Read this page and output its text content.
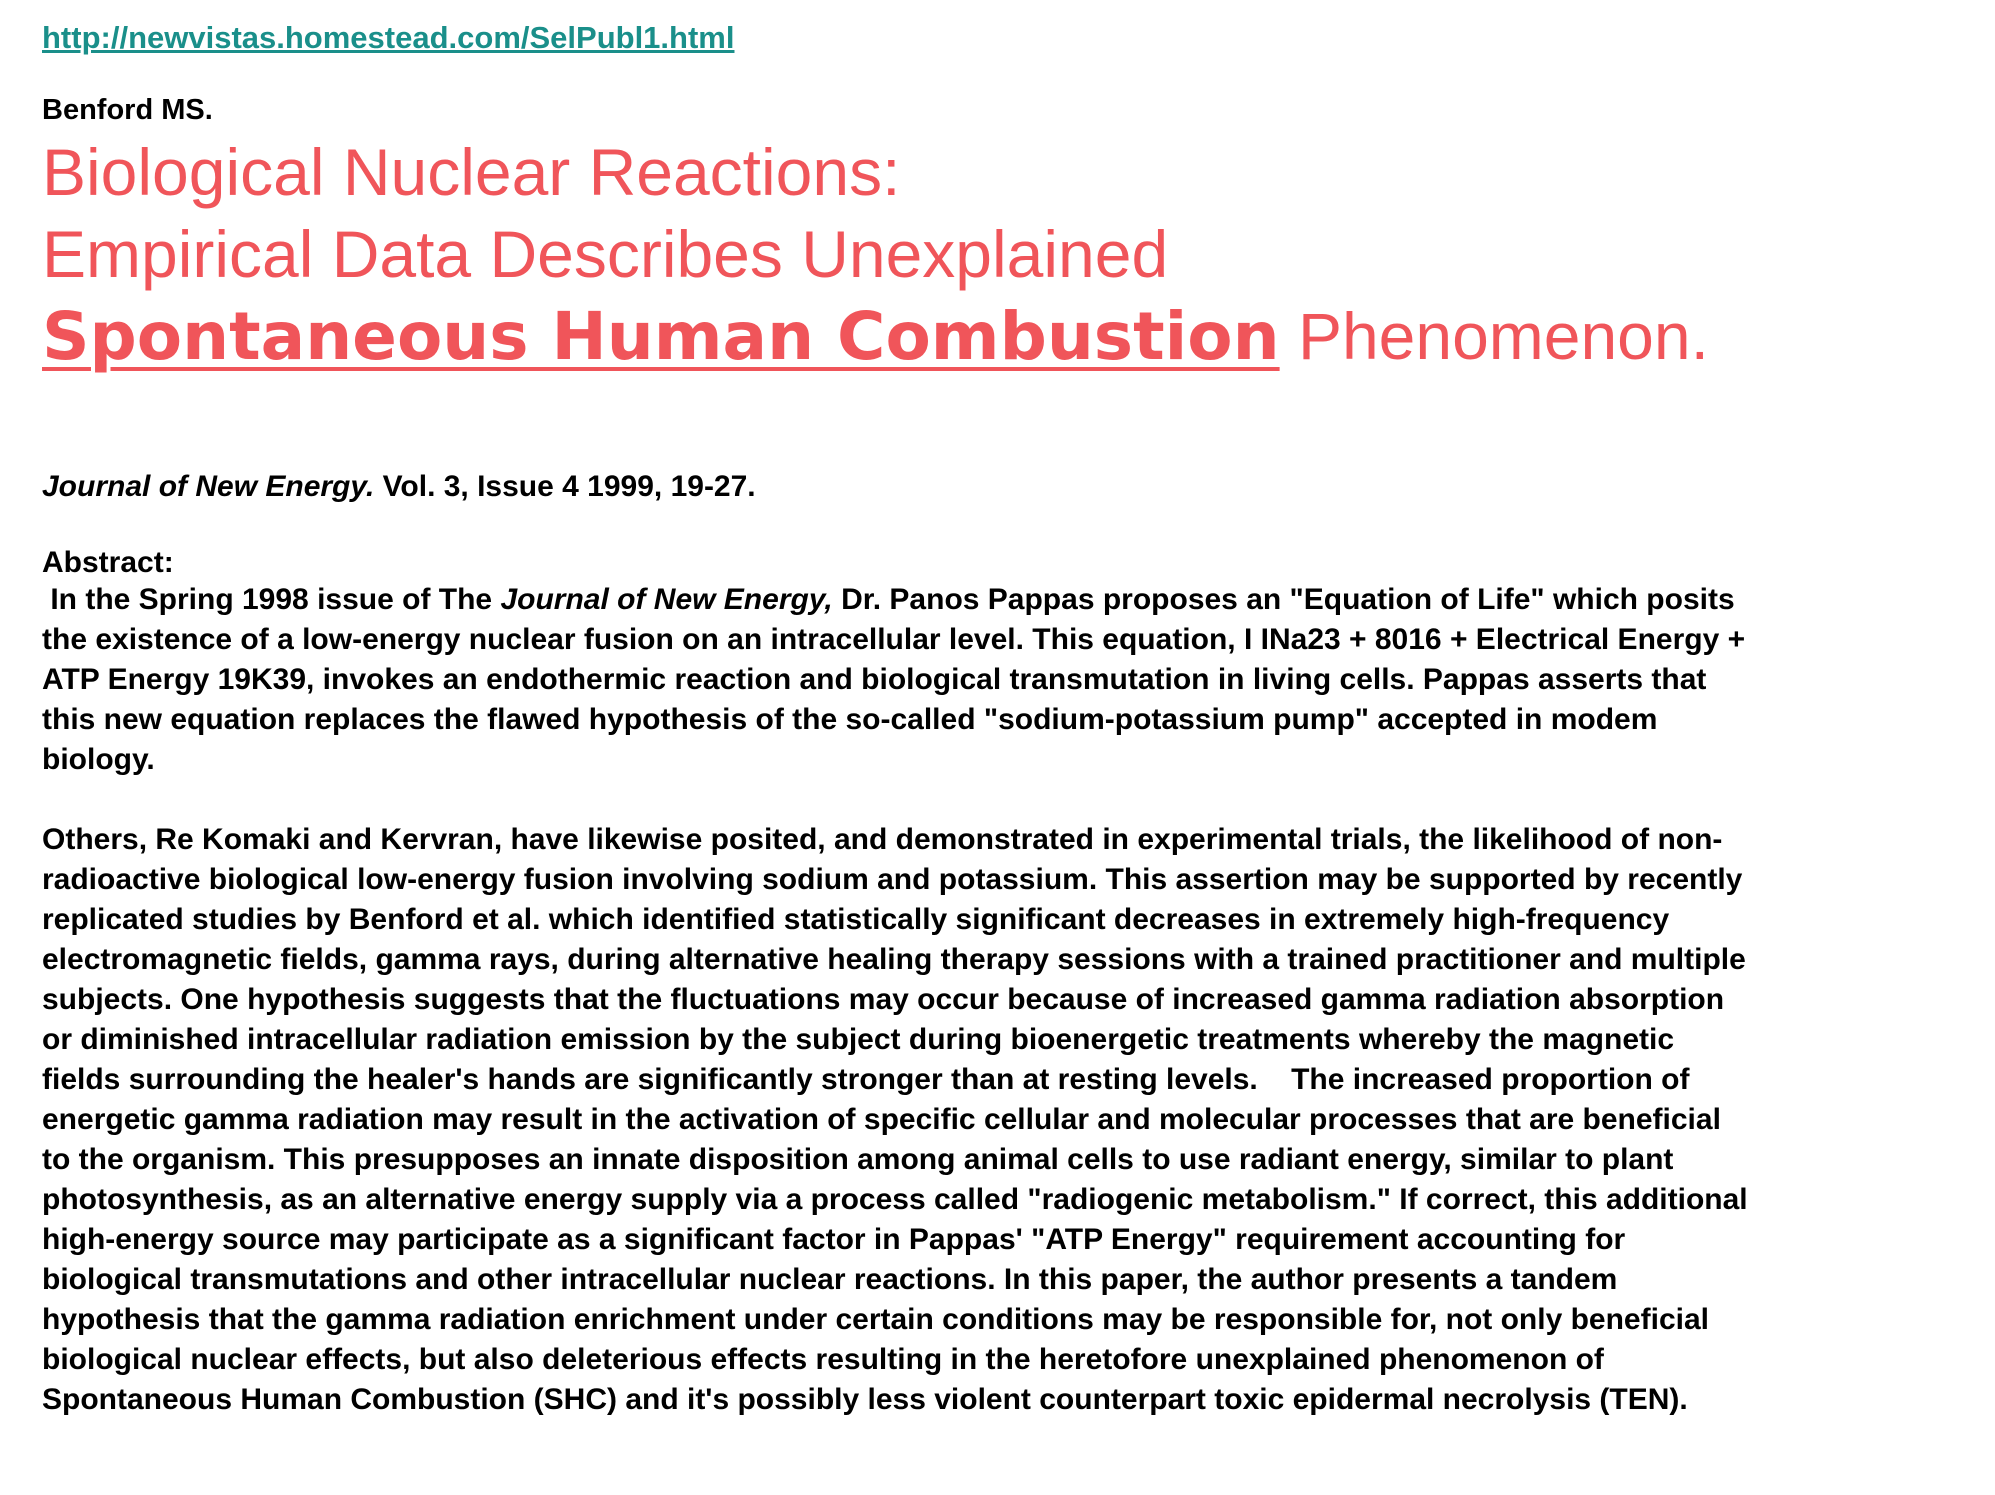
http://newvistas.homestead.com/SelPubl1.html
Benford MS.
Biological Nuclear Reactions:
Empirical Data Describes Unexplained
Spontaneous Human Combustion Phenomenon.
Journal of New Energy. Vol. 3, Issue 4 1999, 19-27.
Abstract:
In the Spring 1998 issue of The Journal of New Energy, Dr. Panos Pappas proposes an "Equation of Life" which posits
the existence of a low-energy nuclear fusion on an intracellular level. This equation, I INa23 + 8016 + Electrical Energy +
ATP Energy 19K39, invokes an endothermic reaction and biological transmutation in living cells. Pappas asserts that
this new equation replaces the flawed hypothesis of the so-called "sodium-potassium pump" accepted in modem
biology.
Others, Re Komaki and Kervran, have likewise posited, and demonstrated in experimental trials, the likelihood of non-
radioactive biological low-energy fusion involving sodium and potassium. This assertion may be supported by recently
replicated studies by Benford et al. which identified statistically significant decreases in extremely high-frequency
electromagnetic fields, gamma rays, during alternative healing therapy sessions with a trained practitioner and multiple
subjects. One hypothesis suggests that the fluctuations may occur because of increased gamma radiation absorption
or diminished intracellular radiation emission by the subject during bioenergetic treatments whereby the magnetic
fields surrounding the healer's hands are significantly stronger than at resting levels.    The increased proportion of
energetic gamma radiation may result in the activation of specific cellular and molecular processes that are beneficial
to the organism. This presupposes an innate disposition among animal cells to use radiant energy, similar to plant
photosynthesis, as an alternative energy supply via a process called "radiogenic metabolism." If correct, this additional
high-energy source may participate as a significant factor in Pappas' "ATP Energy" requirement accounting for
biological transmutations and other intracellular nuclear reactions. In this paper, the author presents a tandem
hypothesis that the gamma radiation enrichment under certain conditions may be responsible for, not only beneficial
biological nuclear effects, but also deleterious effects resulting in the heretofore unexplained phenomenon of
Spontaneous Human Combustion (SHC) and it's possibly less violent counterpart toxic epidermal necrolysis (TEN).
